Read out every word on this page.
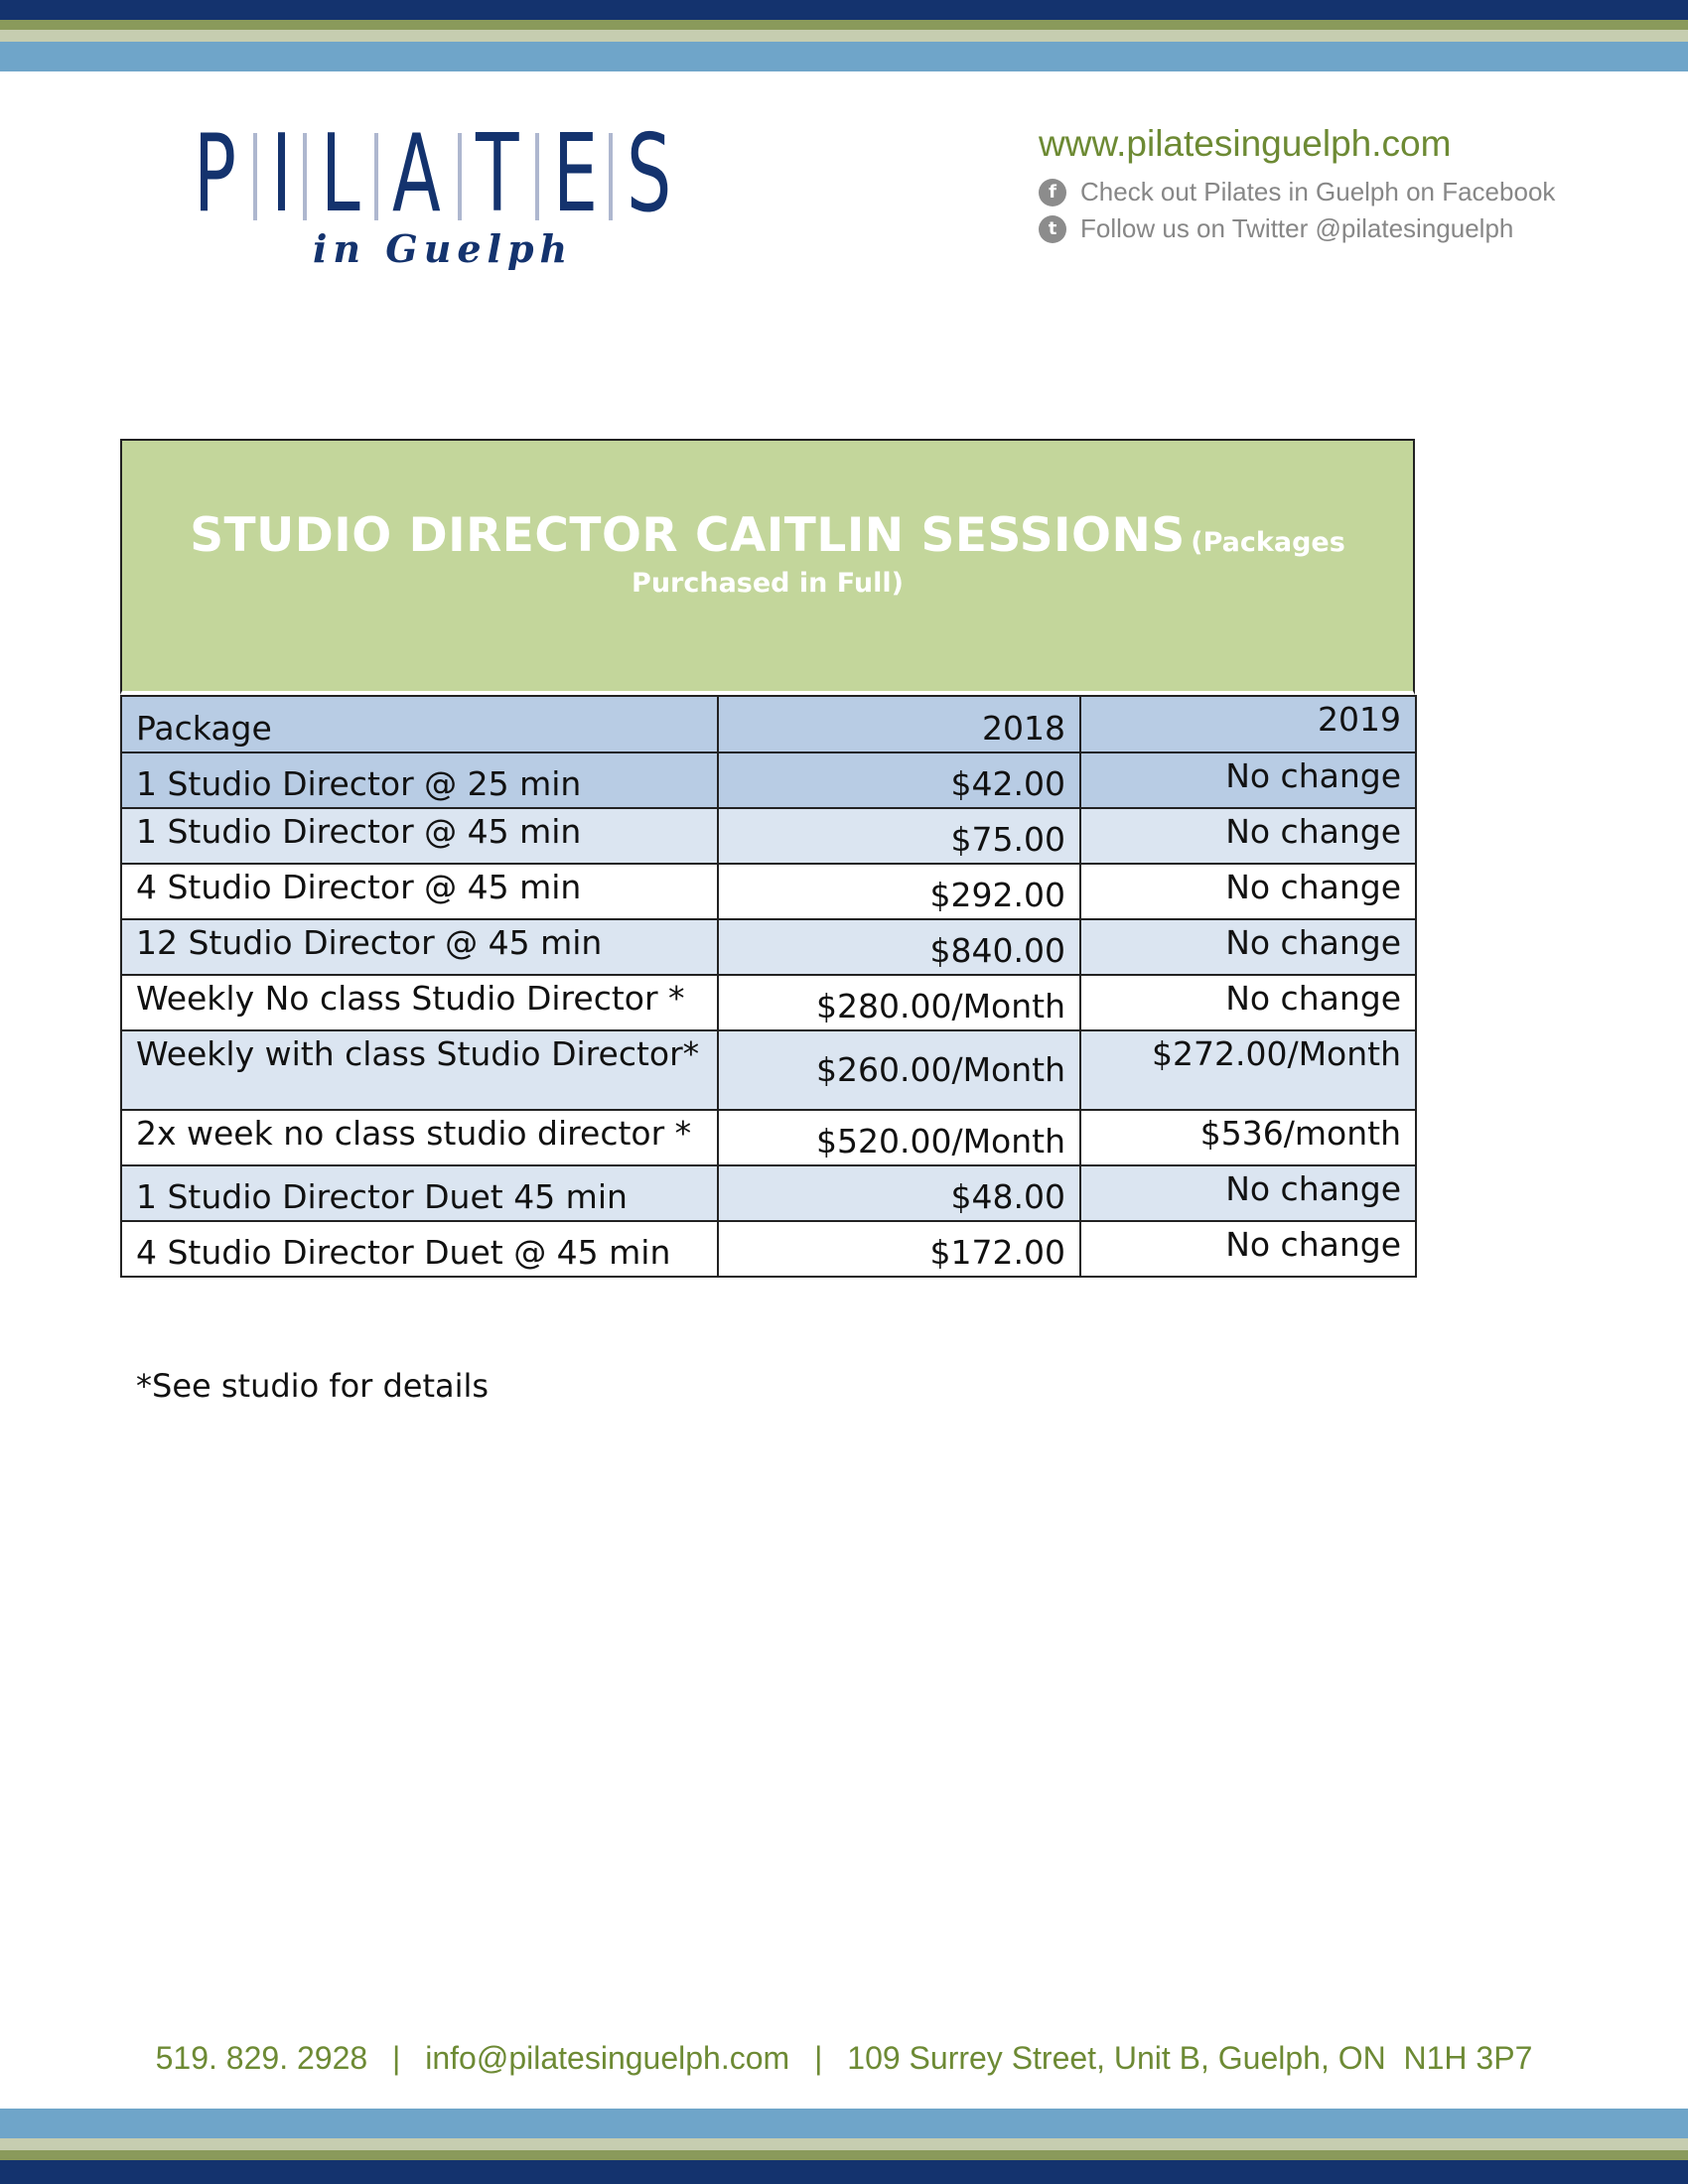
P I L A T E S
in Guelph
www.pilatesinguelph.com
f Check out Pilates in Guelph on Facebook
t Follow us on Twitter @pilatesinguelph
STUDIO DIRECTOR CAITLIN SESSIONS (Packages Purchased in Full)
Package	2018	2019
1 Studio Director @ 25 min	$42.00	No change
1 Studio Director @ 45 min	$75.00	No change
4 Studio Director @ 45 min	$292.00	No change
12 Studio Director @ 45 min	$840.00	No change
Weekly No class Studio Director *	$280.00/Month	No change
Weekly with class Studio Director*	$260.00/Month	$272.00/Month
2x week no class studio director *	$520.00/Month	$536/month
1 Studio Director Duet 45 min	$48.00	No change
4 Studio Director Duet @ 45 min	$172.00	No change
*See studio for details
519. 829. 2928 | info@pilatesinguelph.com | 109 Surrey Street, Unit B, Guelph, ON  N1H 3P7
